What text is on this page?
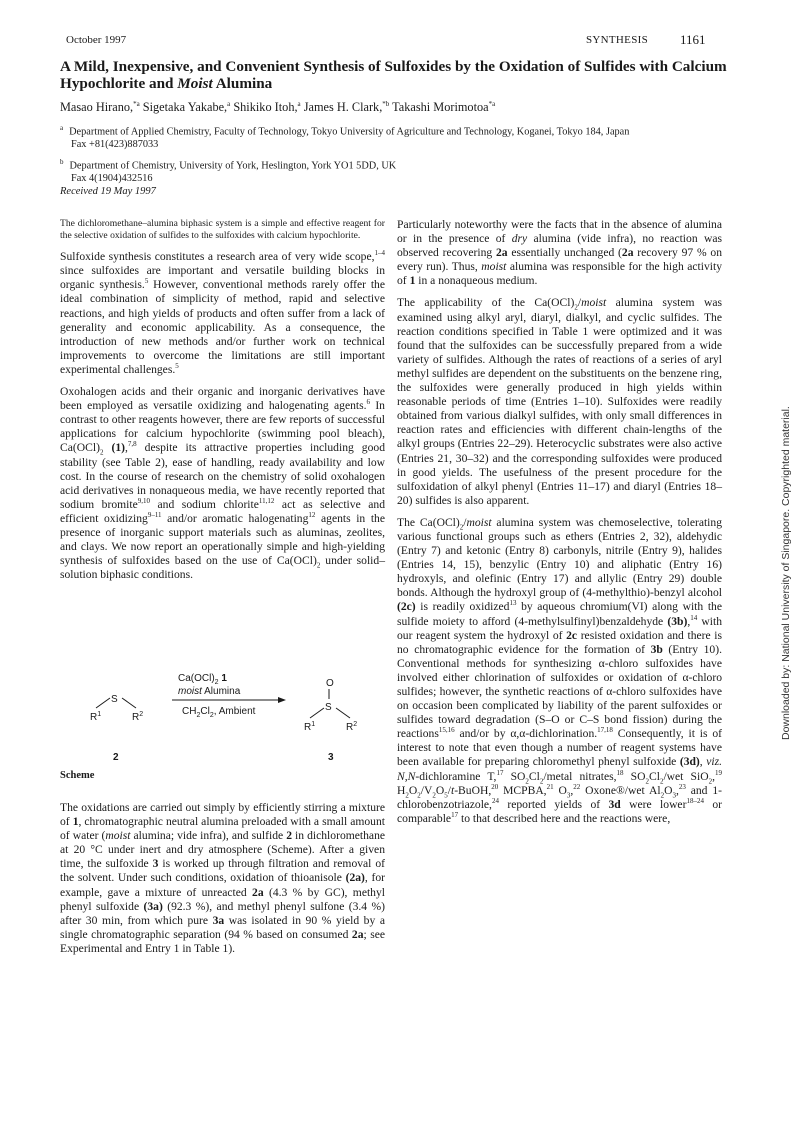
October 1997	SYNTHESIS 1161
A Mild, Inexpensive, and Convenient Synthesis of Sulfoxides by the Oxidation of Sulfides with Calcium Hypochlorite and Moist Alumina
Masao Hirano,$^{*a}$ Sigetaka Yakabe,$^a$ Shikiko Itoh,$^a$ James H. Clark,$^{*b}$ Takashi Morimotoa$^{*a}$
$^a$ Department of Applied Chemistry, Faculty of Technology, Tokyo University of Agriculture and Technology, Koganei, Tokyo 184, Japan
Fax +81(423)887033
$^b$ Department of Chemistry, University of York, Heslington, York YO1 5DD, UK
Fax 4(1904)432516
Received 19 May 1997

The dichloromethane–alumina biphasic system is a simple and effective reagent for the selective oxidation of sulfides to the sulfoxides with calcium hypochlorite.

Sulfoxide synthesis constitutes a research area of very wide scope,$^{1-4}$ since sulfoxides are important and versatile building blocks in organic synthesis.$^5$ However, conventional methods rarely offer the ideal combination of simplicity of method, rapid and selective reactions, and high yields of products and often suffer from a lack of generality and economic applicability. As a consequence, the introduction of new methods and/or further work on technical improvements to overcome the limitations are still important experimental challenges.$^5$

Oxohalogen acids and their organic and inorganic derivatives have been employed as versatile oxidizing and halogenating agents.$^6$ In contrast to other reagents however, there are few reports of successful applications for calcium hypochlorite (swimming pool bleach), $Ca(OCl)_2$ (1),$^{7,8}$ despite its attractive properties including good stability (see Table 2), ease of handling, ready availability and low cost. In the course of research on the chemistry of solid oxohalogen acid derivatives in nonaqueous media, we have recently reported that sodium bromite$^{9,10}$ and sodium chlorite$^{11,12}$ act as selective and efficient oxidizing$^{9-11}$ and/or aromatic halogenating$^{12}$ agents in the presence of inorganic support materials such as aluminas, zeolites, and clays. We now report an operationally simple and high-yielding synthesis of sulfoxides based on the use of $Ca(OCl)_2$ under solid–solution biphasic conditions.

S
$R^1$	$R^2$
2
$Ca(OCl)_2$ 1
moist Alumina
$CH_2Cl_2$, Ambient
O
S
$R^1$	$R^2$
3
Scheme

The oxidations are carried out simply by efficiently stirring a mixture of 1, chromatographic neutral alumina preloaded with a small amount of water (moist alumina; vide infra), and sulfide 2 in dichloromethane at 20 °C under inert and dry atmosphere (Scheme). After a given time, the sulfoxide 3 is worked up through filtration and removal of the solvent. Under such conditions, oxidation of thioanisole (2a), for example, gave a mixture of unreacted 2a (4.3 % by GC), methyl phenyl sulfoxide (3a) (92.3 %), and methyl phenyl sulfone (3.4 %) after 30 min, from which pure 3a was isolated in 90 % yield by a single chromatographic separation (94 % based on consumed 2a; see Experimental and Entry 1 in Table 1).

Particularly noteworthy were the facts that in the absence of alumina or in the presence of dry alumina (vide infra), no reaction was observed recovering 2a essentially unchanged (2a recovery 97 % on every run). Thus, moist alumina was responsible for the high activity of 1 in a nonaqueous medium.

The applicability of the $Ca(OCl)_2$/moist alumina system was examined using alkyl aryl, diaryl, dialkyl, and cyclic sulfides. The reaction conditions specified in Table 1 were optimized and it was found that the sulfoxides can be successfully prepared from a wide variety of sulfides. Although the rates of reactions of a series of aryl methyl sulfides are dependent on the substituents on the benzene ring, the sulfoxides were generally produced in high yields within reasonable periods of time (Entries 1–10). Sulfoxides were readily obtained from various dialkyl sulfides, with only small differences in reaction rates and efficiencies with different chain-lengths of the alkyl groups (Entries 22–29). Heterocyclic substrates were also active (Entries 21, 30–32) and the corresponding sulfoxides were produced in good yields. The usefulness of the present procedure for the sulfoxidation of alkyl phenyl (Entries 11–17) and diaryl (Entries 18–20) sulfides is also apparent.

The $Ca(OCl)_2$/moist alumina system was chemoselective, tolerating various functional groups such as ethers (Entries 2, 32), aldehydic (Entry 7) and ketonic (Entry 8) carbonyls, nitrile (Entry 9), halides (Entries 14, 15), benzylic (Entry 10) and aliphatic (Entry 16) hydroxyls, and olefinic (Entry 17) and allylic (Entry 29) double bonds. Although the hydroxyl group of (4-methylthio)-benzyl alcohol (2c) is readily oxidized$^{13}$ by aqueous chromium(VI) along with the sulfide moiety to afford (4-methylsulfinyl)benzaldehyde (3b),$^{14}$ with our reagent system the hydroxyl of 2c resisted oxidation and there is no chromatographic evidence for the formation of 3b (Entry 10). Conventional methods for synthesizing α-chloro sulfoxides have involved either chlorination of sulfoxides or oxidation of α-chloro sulfides; however, the synthetic reactions of α-chloro sulfoxides have on occasion been complicated by liability of the parent sulfoxides or sulfides toward degradation (S–O or C–S bond fission) during the reactions$^{15,16}$ and/or by α,α-dichlorination.$^{17,18}$ Consequently, it is of interest to note that even though a number of reagent systems have been available for preparing chloromethyl phenyl sulfoxide (3d), viz. N,N-dichloramine T,$^{17}$ $SO_2Cl_2$/metal nitrates,$^{18}$ $SO_2Cl_2$/wet SiO$_2$,$^{19}$ $H_2O_2/V_2O_5/t-BuOH,^{20}$ MCPBA,$^{21}$ $O_3,^{22}$ Oxone®/wet $Al_2O_3,^{23}$ and 1-chlorobenzotriazole,$^{24}$ reported yields of 3d were lower$^{18-24}$ or comparable$^{17}$ to that described here and the reactions were,

Downloaded by: National University of Singapore. Copyrighted material.
